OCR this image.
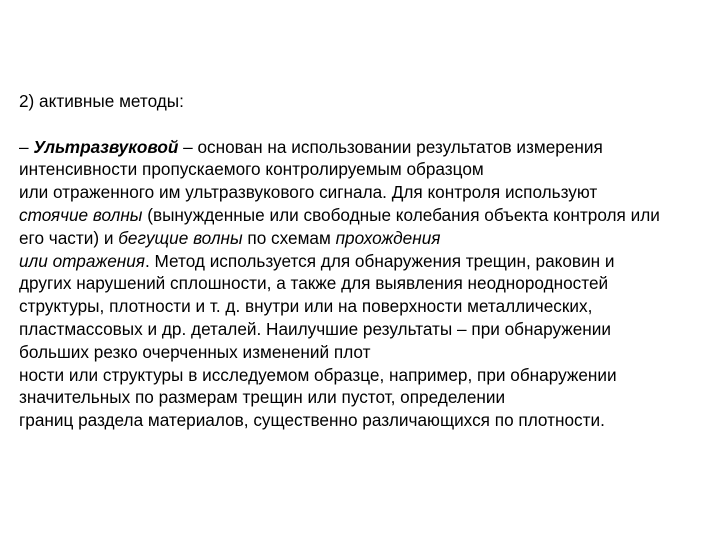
2) активные методы:
– Ультразвуковой – основан на использовании результатов измерения
интенсивности пропускаемого контролируемым образцом
или отраженного им ультразвукового сигнала. Для контроля используют
стоячие волны (вынужденные или свободные колебания объекта контроля или
его части) и бегущие волны по схемам прохождения
или отражения. Метод используется для обнаружения трещин, раковин и
других нарушений сплошности, а также для выявления неоднородностей
структуры, плотности и т. д. внутри или на поверхности металлических,
пластмассовых и др. деталей. Наилучшие результаты – при обнаружении
больших резко очерченных изменений плот
ности или структуры в исследуемом образце, например, при обнаружении
значительных по размерам трещин или пустот, определении
границ раздела материалов, существенно различающихся по плотности.
